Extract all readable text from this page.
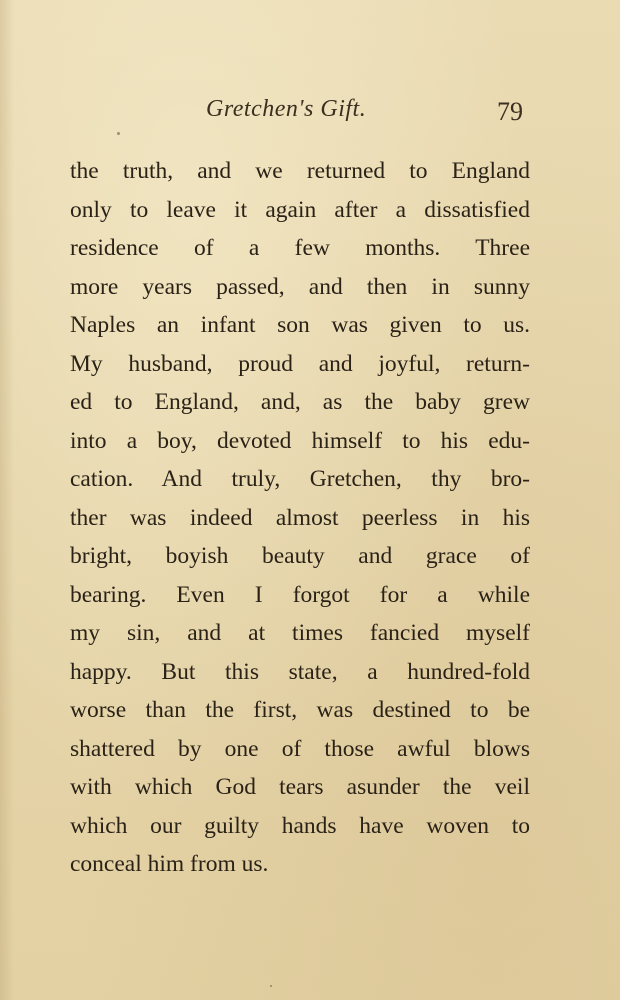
Gretchen's Gift.	79
the truth, and we returned to England
only to leave it again after a dissatisfied
residence of a few months. Three
more years passed, and then in sunny
Naples an infant son was given to us.
My husband, proud and joyful, return-
ed to England, and, as the baby grew
into a boy, devoted himself to his edu-
cation. And truly, Gretchen, thy bro-
ther was indeed almost peerless in his
bright, boyish beauty and grace of
bearing. Even I forgot for a while
my sin, and at times fancied myself
happy. But this state, a hundred-fold
worse than the first, was destined to be
shattered by one of those awful blows
with which God tears asunder the veil
which our guilty hands have woven to
conceal him from us.
